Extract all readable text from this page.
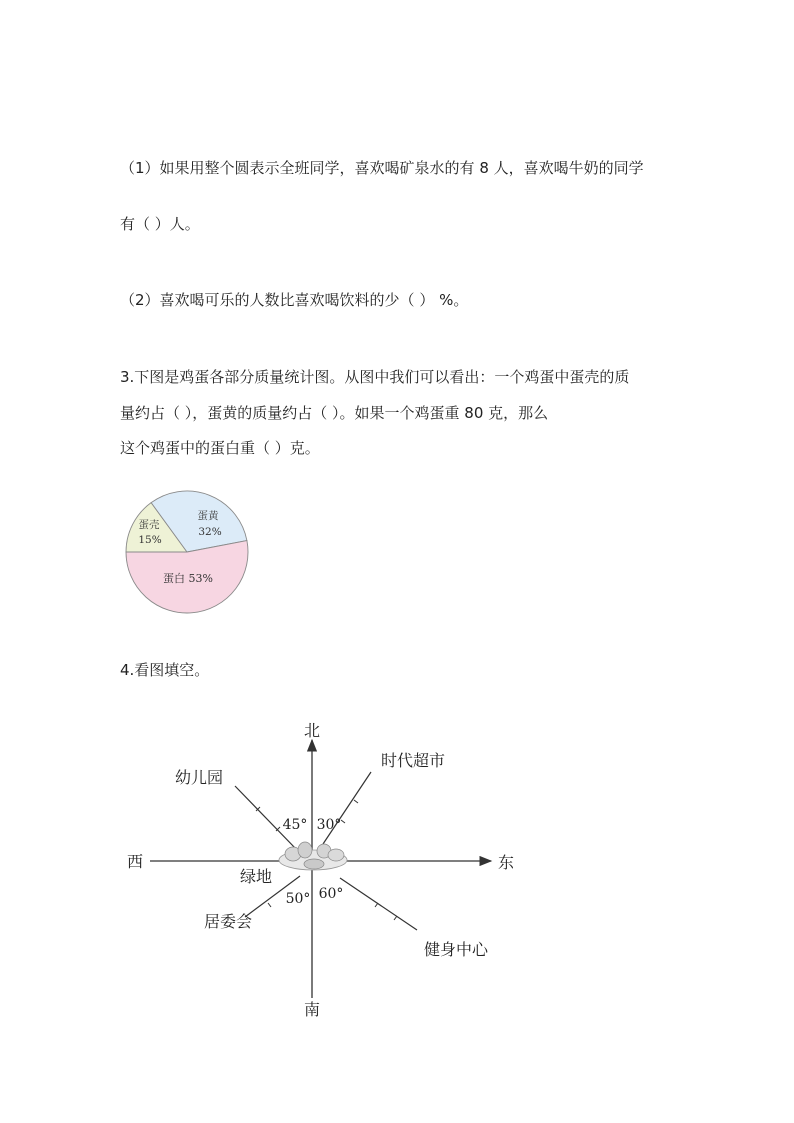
（1）如果用整个圆表示全班同学，喜欢喝矿泉水的有 8 人，喜欢喝牛奶的同学
有（ ）人。
（2）喜欢喝可乐的人数比喜欢喝饮料的少（ ） %。
3.下图是鸡蛋各部分质量统计图。从图中我们可以看出：一个鸡蛋中蛋壳的质
量约占（ ），蛋黄的质量约占（ ）。如果一个鸡蛋重 80 克，那么
这个鸡蛋中的蛋白重（ ）克。
蛋壳
15%
蛋黄
32%
蛋白 53%
4.看图填空。
北
南
西	东
幼儿园
时代超市
绿地
居委会
健身中心
45° 30°
50° 60°
